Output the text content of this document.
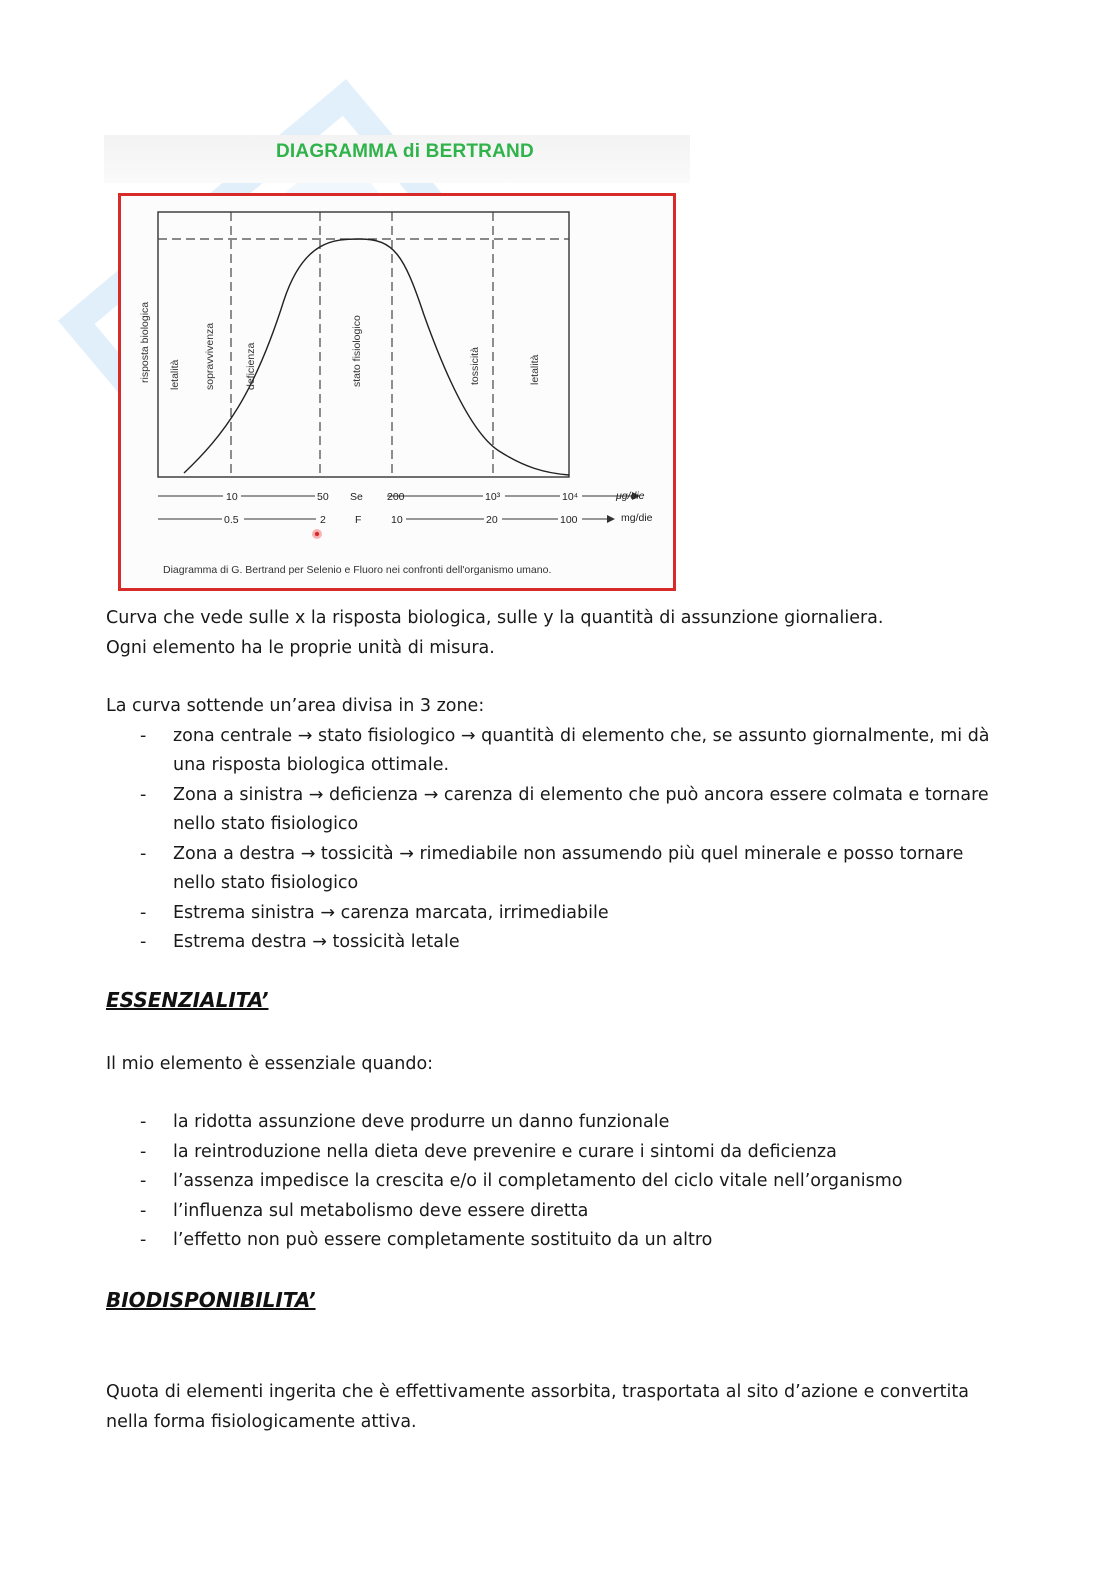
DIAGRAMMA di BERTRAND
risposta biologica letalità sopravvivenza	deficienza	stato fisiologico	tossicità	letalità
10	50 Se 200	10³	10⁴	μg/die
0.5	2	F	10	20	100	mg/die
Diagramma di G. Bertrand per Selenio e Fluoro nei confronti dell'organismo umano.

Curva che vede sulle x la risposta biologica, sulle y la quantità di assunzione giornaliera.

Ogni elemento ha le proprie unità di misura.

La curva sottende un’area divisa in 3 zone:

- zona centrale → stato fisiologico → quantità di elemento che, se assunto giornalmente, mi dà una risposta biologica ottimale.
- Zona a sinistra → deficienza → carenza di elemento che può ancora essere colmata e tornare nello stato fisiologico
- Zona a destra → tossicità → rimediabile non assumendo più quel minerale e posso tornare nello stato fisiologico
- Estrema sinistra → carenza marcata, irrimediabile
- Estrema destra → tossicità letale
ESSENZIALITA’

Il mio elemento è essenziale quando:

- la ridotta assunzione deve produrre un danno funzionale
- la reintroduzione nella dieta deve prevenire e curare i sintomi da deficienza
- l’assenza impedisce la crescita e/o il completamento del ciclo vitale nell’organismo
- l’influenza sul metabolismo deve essere diretta
- l’effetto non può essere completamente sostituito da un altro
BIODISPONIBILITA’

Quota di elementi ingerita che è effettivamente assorbita, trasportata al sito d’azione e convertita nella forma fisiologicamente attiva.
